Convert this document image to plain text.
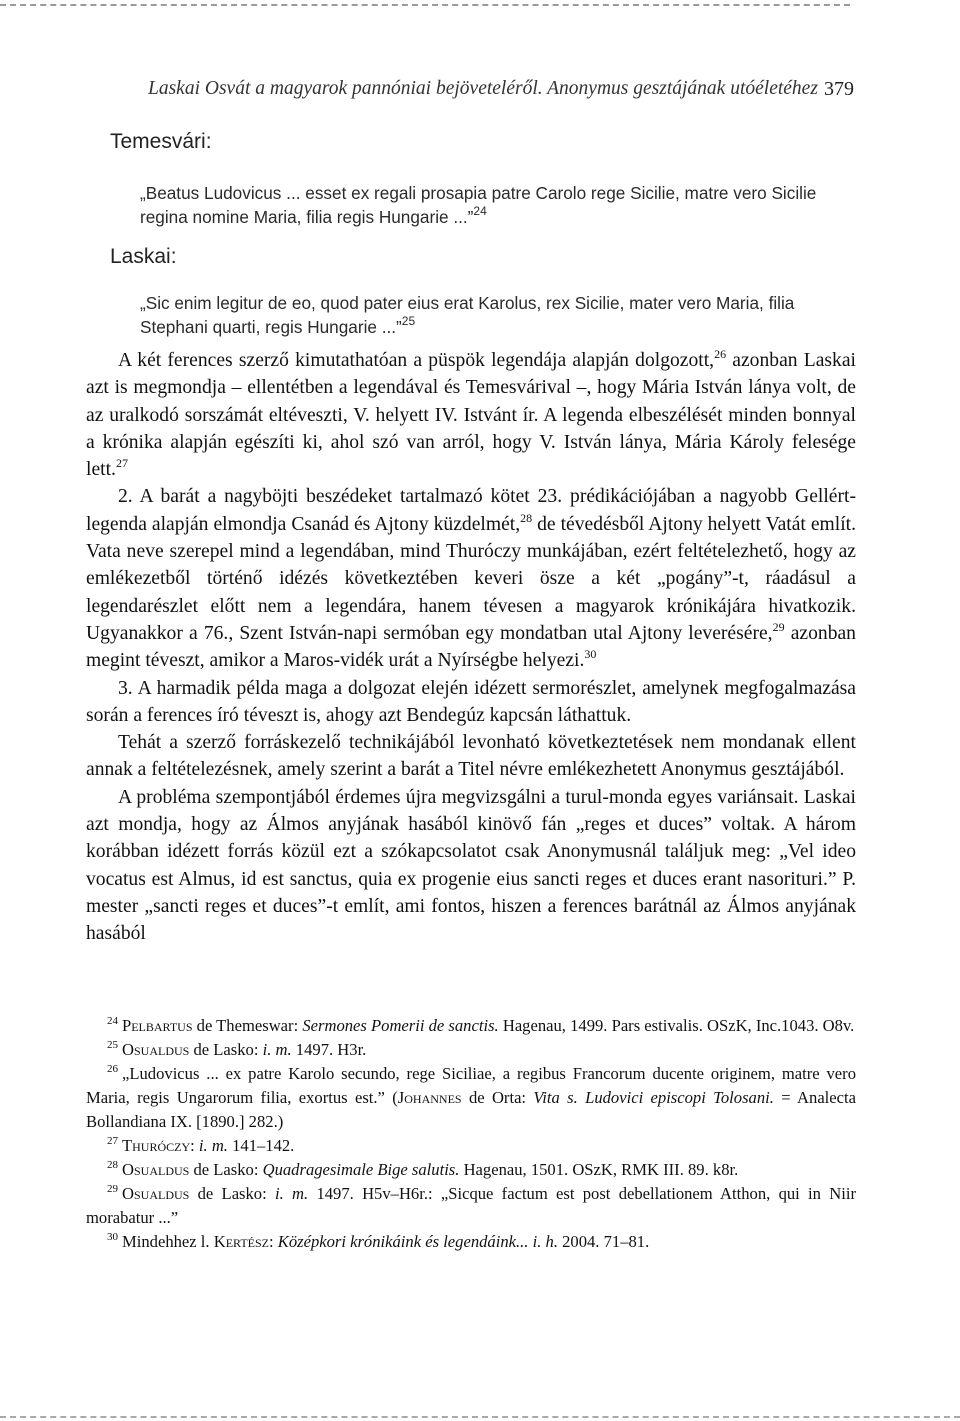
Laskai Osvát a magyarok pannóniai bejöveteléről. Anonymus gesztájának utóéletéhez 379
Temesvári:
„Beatus Ludovicus ... esset ex regali prosapia patre Carolo rege Sicilie, matre vero Sicilie regina nomine Maria, filia regis Hungarie ...”$^{24}$
Laskai:
„Sic enim legitur de eo, quod pater eius erat Karolus, rex Sicilie, mater vero Maria, filia Stephani quarti, regis Hungarie ...”$^{25}$

A két ferences szerző kimutathatóan a püspök legendája alapján dolgozott,$^{26}$ azonban Laskai azt is megmondja – ellentétben a legendával és Temesvárival –, hogy Mária István lánya volt, de az uralkodó sorszámát eltéveszti, V. helyett IV. Istvánt ír. A legenda elbeszélését minden bonnyal a krónika alapján egészíti ki, ahol szó van arról, hogy V. István lánya, Mária Károly felesége lett.$^{27}$

2. A barát a nagyböjti beszédeket tartalmazó kötet 23. prédikációjában a nagyobb Gellért-legenda alapján elmondja Csanád és Ajtony küzdelmét,$^{28}$ de tévedésből Ajtony helyett Vatát említ. Vata neve szerepel mind a legendában, mind Thuróczy munkájában, ezért feltételezhető, hogy az emlékezetből történő idézés következtében keveri ösze a két „pogány”-t, ráadásul a legendarészlet előtt nem a legendára, hanem tévesen a magyarok krónikájára hivatkozik. Ugyanakkor a 76., Szent István-napi sermóban egy mondatban utal Ajtony leverésére,$^{29}$ azonban megint téveszt, amikor a Maros-vidék urát a Nyírségbe helyezi.$^{30}$

3. A harmadik példa maga a dolgozat elején idézett sermorészlet, amelynek megfogalmazása során a ferences író téveszt is, ahogy azt Bendegúz kapcsán láthattuk.

Tehát a szerző forráskezelő technikájából levonható következtetések nem mondanak ellent annak a feltételezésnek, amely szerint a barát a Titel névre emlékezhetett Anonymus gesztájából.

A probléma szempontjából érdemes újra megvizsgálni a turul-monda egyes variánsait. Laskai azt mondja, hogy az Álmos anyjának hasából kinövő fán „reges et duces” voltak. A három korábban idézett forrás közül ezt a szókapcsolatot csak Anonymusnál találjuk meg: „Vel ideo vocatus est Almus, id est sanctus, quia ex progenie eius sancti reges et duces erant nasorituri.” P. mester „sancti reges et duces”-t említ, ami fontos, hiszen a ferences barátnál az Álmos anyjának hasából

$^{24}$ Pelbartus de Themeswar: Sermones Pomerii de sanctis. Hagenau, 1499. Pars estivalis. OSzK, Inc.1043. O8v.

$^{25}$ Osualdus de Lasko: i. m. 1497. H3r.

$^{26}$ „Ludovicus ... ex patre Karolo secundo, rege Siciliae, a regibus Francorum ducente originem, matre vero Maria, regis Ungarorum filia, exortus est.” (Johannes de Orta: Vita s. Ludovici episcopi Tolosani. = Analecta Bollandiana IX. [1890.] 282.)

$^{27}$ Thuróczy: i. m. 141–142.

$^{28}$ Osualdus de Lasko: Quadragesimale Bige salutis. Hagenau, 1501. OSzK, RMK III. 89. k8r.

$^{29}$ Osualdus de Lasko: i. m. 1497. H5v–H6r.: „Sicque factum est post debellationem Atthon, qui in Niir morabatur ...”

$^{30}$ Mindehhez l. Kertész: Középkori krónikáink és legendáink... i. h. 2004. 71–81.
